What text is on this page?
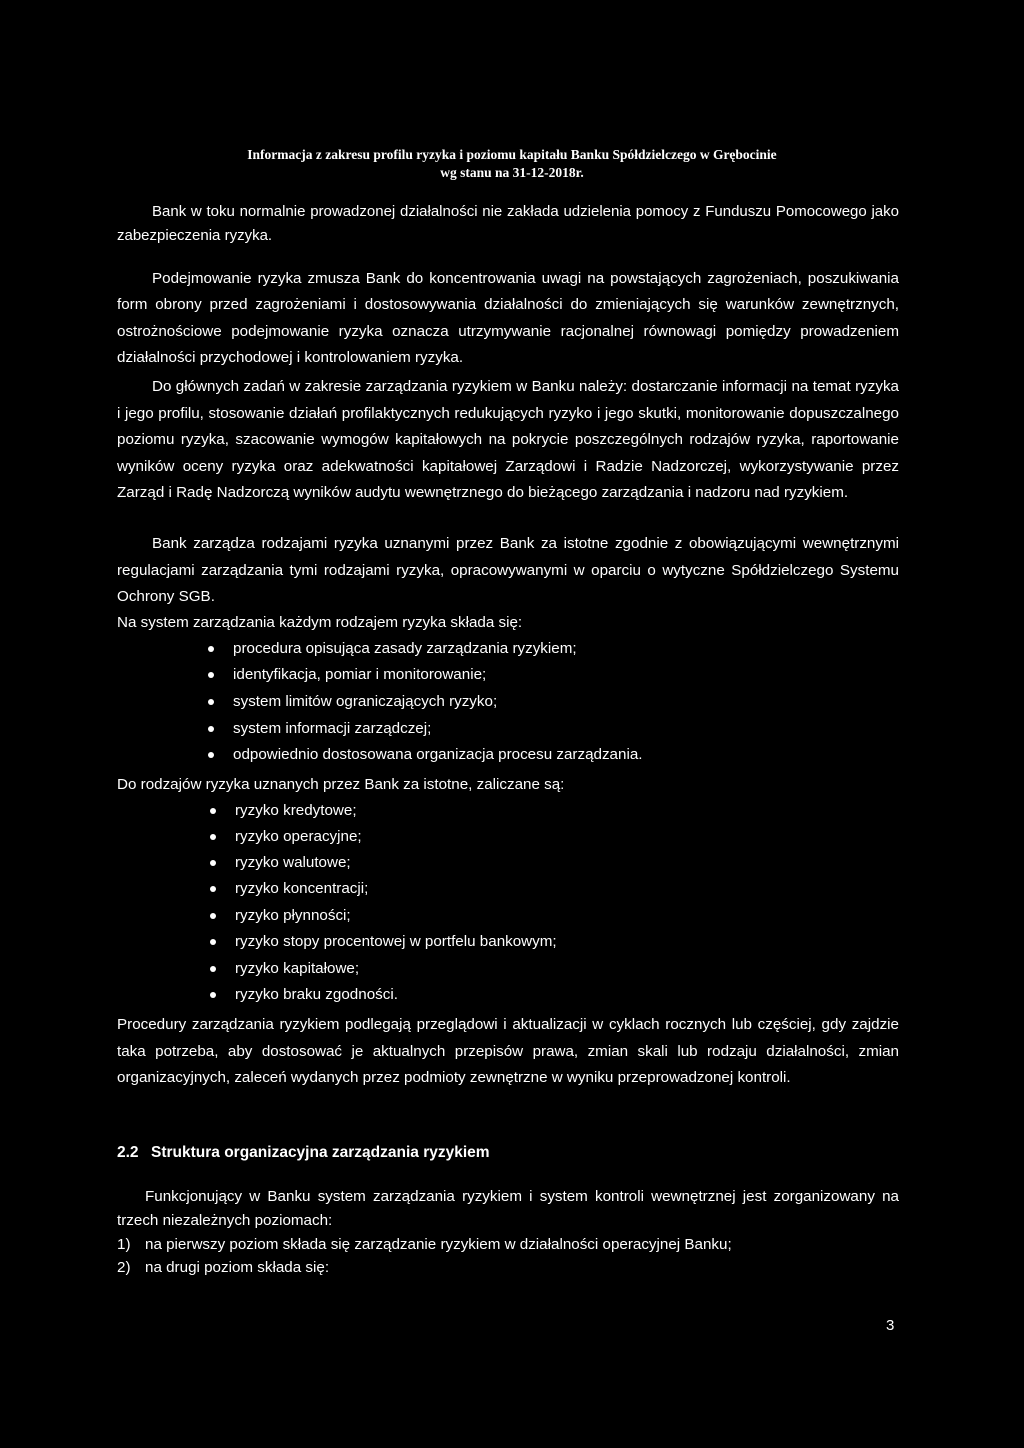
Informacja z zakresu profilu ryzyka i poziomu kapitału Banku Spółdzielczego w Grębocinie
wg stanu na 31-12-2018r.

Bank w toku normalnie prowadzonej działalności nie zakłada udzielenia pomocy z Funduszu Pomocowego jako zabezpieczenia ryzyka.

Podejmowanie ryzyka zmusza Bank do koncentrowania uwagi na powstających zagrożeniach, poszukiwania form obrony przed zagrożeniami i dostosowywania działalności do zmieniających się warunków zewnętrznych, ostrożnościowe podejmowanie ryzyka oznacza utrzymywanie racjonalnej równowagi pomiędzy prowadzeniem działalności przychodowej i kontrolowaniem ryzyka.

Do głównych zadań w zakresie zarządzania ryzykiem w Banku należy: dostarczanie informacji na temat ryzyka i jego profilu, stosowanie działań profilaktycznych redukujących ryzyko i jego skutki, monitorowanie dopuszczalnego poziomu ryzyka, szacowanie wymogów kapitałowych na pokrycie poszczególnych rodzajów ryzyka, raportowanie wyników oceny ryzyka oraz adekwatności kapitałowej Zarządowi i Radzie Nadzorczej, wykorzystywanie przez Zarząd i Radę Nadzorczą wyników audytu wewnętrznego do bieżącego zarządzania i nadzoru nad ryzykiem.

Bank zarządza rodzajami ryzyka uznanymi przez Bank za istotne zgodnie z obowiązującymi wewnętrznymi regulacjami zarządzania tymi rodzajami ryzyka, opracowywanymi w oparciu o wytyczne Spółdzielczego Systemu Ochrony SGB.

Na system zarządzania każdym rodzajem ryzyka składa się:

procedura opisująca zasady zarządzania ryzykiem;
identyfikacja, pomiar i monitorowanie;
system limitów ograniczających ryzyko;
system informacji zarządczej;
odpowiednio dostosowana organizacja procesu zarządzania.

Do rodzajów ryzyka uznanych przez Bank za istotne, zaliczane są:

ryzyko kredytowe;
ryzyko operacyjne;
ryzyko walutowe;
ryzyko koncentracji;
ryzyko płynności;
ryzyko stopy procentowej w portfelu bankowym;
ryzyko kapitałowe;
ryzyko braku zgodności.

Procedury zarządzania ryzykiem podlegają przeglądowi i aktualizacji w cyklach rocznych lub częściej, gdy zajdzie taka potrzeba, aby dostosować je aktualnych przepisów prawa, zmian skali lub rodzaju działalności, zmian organizacyjnych, zaleceń wydanych przez podmioty zewnętrzne w wyniku przeprowadzonej kontroli.

2.2 Struktura organizacyjna zarządzania ryzykiem

Funkcjonujący w Banku system zarządzania ryzykiem i system kontroli wewnętrznej jest zorganizowany na trzech niezależnych poziomach:

1) na pierwszy poziom składa się zarządzanie ryzykiem w działalności operacyjnej Banku;
2) na drugi poziom składa się:
3
